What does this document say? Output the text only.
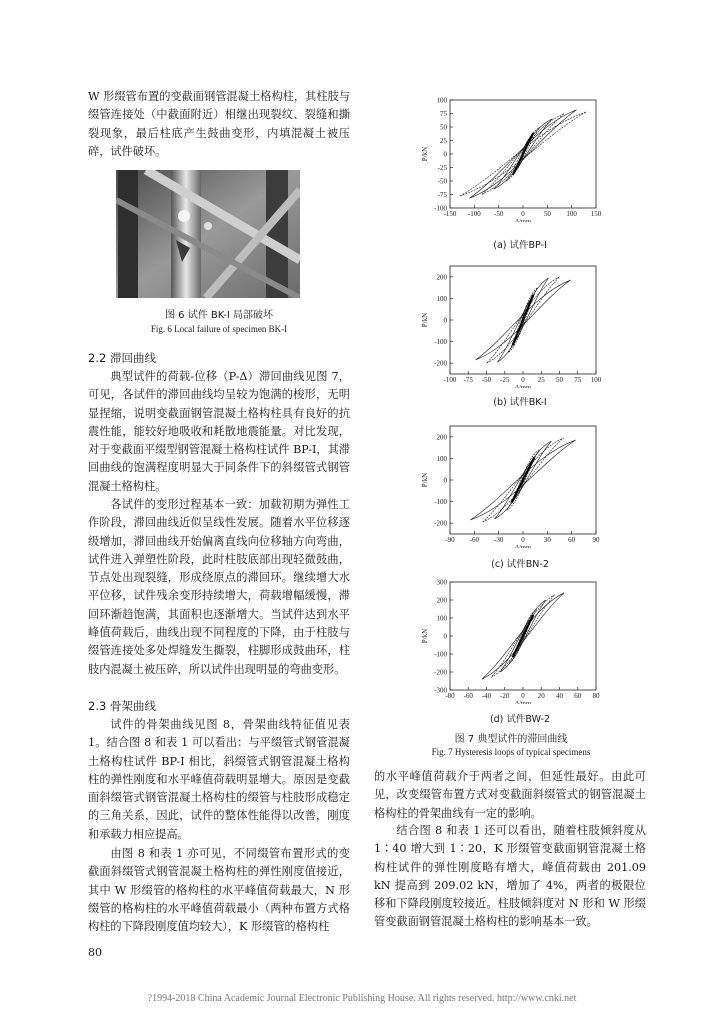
W 形缀管布置的变截面钢管混凝土格构柱，其柱肢与缀管连接处（中截面附近）相继出现裂纹、裂缝和撕裂现象，最后柱底产生鼓曲变形，内填混凝土被压碎，试件破坏。

图 6 试件 BK-I 局部破坏
Fig. 6 Local failure of specimen BK-I
2.2 滞回曲线

典型试件的荷载-位移（P-Δ）滞回曲线见图 7，可见，各试件的滞回曲线均呈较为饱满的梭形，无明显捏缩，说明变截面钢管混凝土格构柱具有良好的抗震性能，能较好地吸收和耗散地震能量。对比发现，对于变截面平缀型钢管混凝土格构柱试件 BP-I，其滞回曲线的饱满程度明显大于同条件下的斜缀管式钢管混凝土格构柱。

各试件的变形过程基本一致：加载初期为弹性工作阶段，滞回曲线近似呈线性发展。随着水平位移逐级增加，滞回曲线开始偏离直线向位移轴方向弯曲，试件进入弹塑性阶段，此时柱肢底部出现轻微鼓曲，节点处出现裂缝，形成绕原点的滞回环。继续增大水平位移，试件残余变形持续增大，荷载增幅缓慢，滞回环渐趋饱满，其面积也逐渐增大。当试件达到水平峰值荷载后，曲线出现不同程度的下降，由于柱肢与缀管连接处多处焊缝发生撕裂，柱脚形成鼓曲环，柱肢内混凝土被压碎，所以试件出现明显的弯曲变形。

2.3 骨架曲线

试件的骨架曲线见图 8，骨架曲线特征值见表 1。结合图 8 和表 1 可以看出：与平缀管式钢管混凝土格构柱试件 BP-I 相比，斜缀管式钢管混凝土格构柱的弹性刚度和水平峰值荷载明显增大。原因是变截面斜缀管式钢管混凝土格构柱的缀管与柱肢形成稳定的三角关系，因此，试件的整体性能得以改善，刚度和承载力相应提高。

由图 8 和表 1 亦可见，不同缀管布置形式的变截面斜缀管式钢管混凝土格构柱的弹性刚度值接近，其中 W 形缀管的格构柱的水平峰值荷载最大，N 形缀管的格构柱的水平峰值荷载最小（两种布置方式格构柱的下降段刚度值均较大），K 形缀管的格构柱

-100
-75
-50
-25
0
25
50
75
100
-150 -100 -50	0	50 100 150
Δ/mm
P/kN
(a) 试件BP-I
-200
-100
0
100
200
-100 -75 -50 -25 0 25 50 75 100
Δ/mm
P/kN
(b) 试件BK-I
-200
-100
0
100
200
-90 -60 -30	0	30 60 90
Δ/mm
P/kN
(c) 试件BN-2
-300
-200
-100
0
100
200
300
-80 -60 -40 -20 0 20 40 60 80
Δ/mm
P/kN
(d) 试件BW-2
图 7 典型试件的滞回曲线
Fig. 7 Hysteresis loops of typical specimens

的水平峰值荷载介于两者之间，但延性最好。由此可见，改变缀管布置方式对变截面斜缀管式的钢管混凝土格构柱的骨架曲线有一定的影响。

结合图 8 和表 1 还可以看出，随着柱肢倾斜度从 1∶40 增大到 1∶20，K 形缀管变截面钢管混凝土格构柱试件的弹性刚度略有增大，峰值荷载由 201.09 kN 提高到 209.02 kN，增加了 4%，两者的极限位移和下降段刚度较接近。柱肢倾斜度对 N 形和 W 形缀管变截面钢管混凝土格构柱的影响基本一致。

80
?1994-2018 China Academic Journal Electronic Publishing House. All rights reserved. http://www.cnki.net
